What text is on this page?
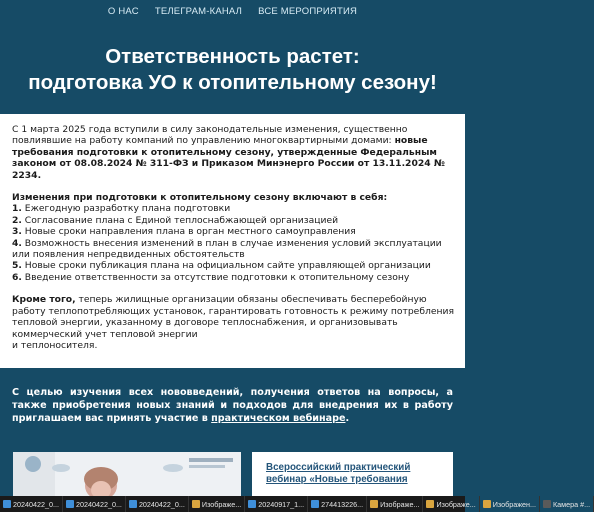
О НАС ТЕЛЕГРАМ-КАНАЛ ВСЕ МЕРОПРИЯТИЯ
Ответственность растет:
подготовка УО к отопительному сезону!

С 1 марта 2025 года вступили в силу законодательные изменения, существенно повлиявшие на работу компаний по управлению многоквартирными домами: новые требования подготовки к отопительному сезону, утвержденные Федеральным законом от 08.08.2024 № 311-ФЗ и Приказом Минэнерго России от 13.11.2024 № 2234.

Изменения при подготовки к отопительному сезону включают в себя:
1. Ежегодную разработку плана подготовки
2. Согласование плана с Единой теплоснабжающей организацией
3. Новые сроки направления плана в орган местного самоуправления
4. Возможность внесения изменений в план в случае изменения условий эксплуатации или появления непредвиденных обстоятельств
5. Новые сроки публикация плана на официальном сайте управляющей организации
6. Введение ответственности за отсутствие подготовки к отопительному сезону

Кроме того, теперь жилищные организации обязаны обеспечивать бесперебойную работу теплопотребляющих установок, гарантировать готовность к режиму потребления тепловой энергии, указанному в договоре теплоснабжения, и организовывать коммерческий учет тепловой энергии
и теплоносителя.

С целью изучения всех нововведений, получения ответов на вопросы, а также приобретения новых знаний и подходов для внедрения их в работу приглашаем вас принять участие в практическом вебинаре.
Всероссийский практический вебинар «Новые требования
20240422_0... 20240422_0... 20240422_0... Изображе... 20240917_1... 274413226... Изображе... Изображе... Изображен... Камера #...
